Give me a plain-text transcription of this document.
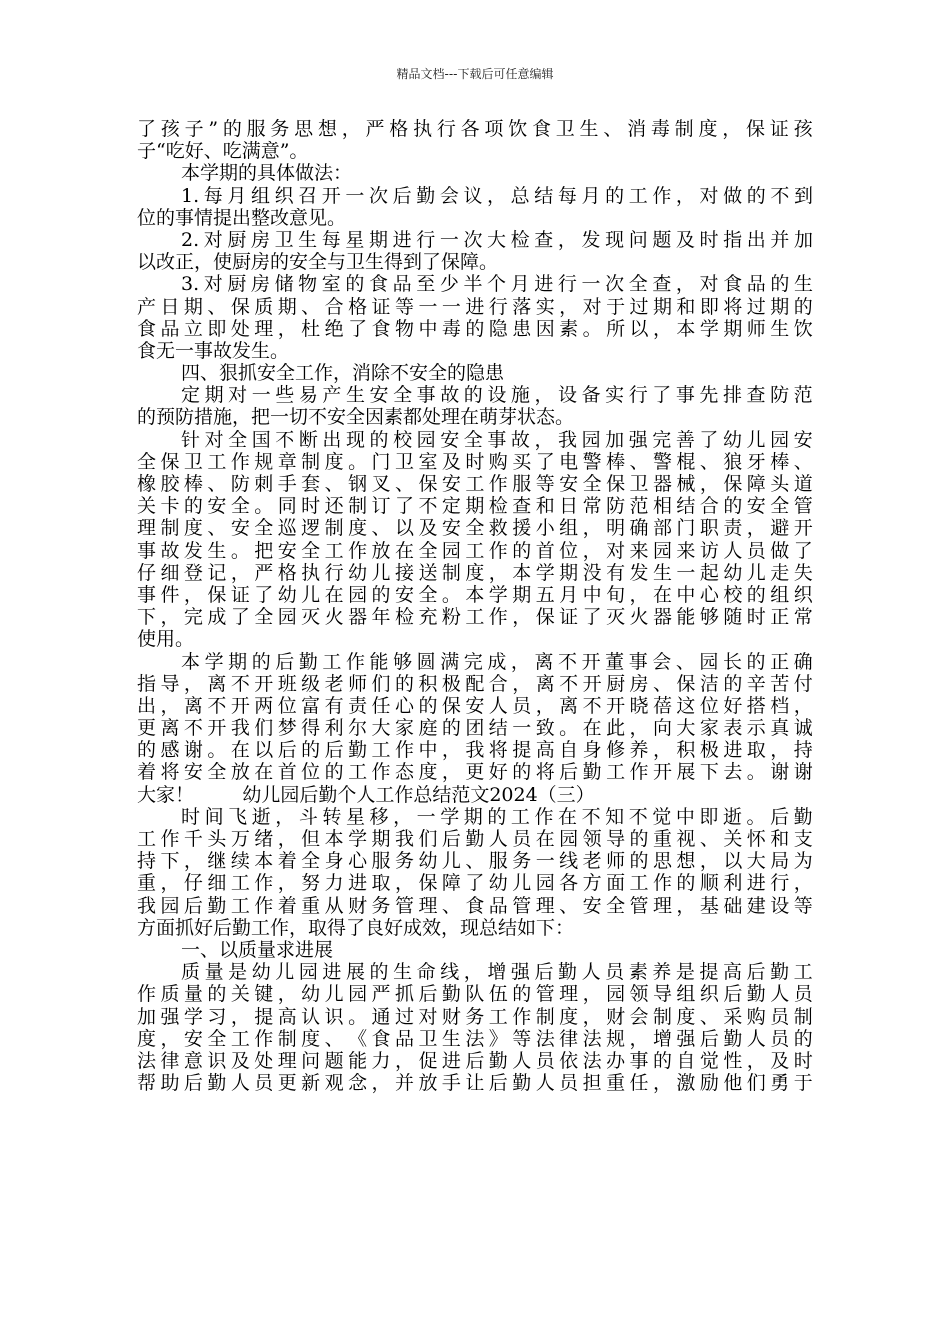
精品文档---下载后可任意编辑
了 孩 子 ” 的 服 务 思 想 ， 严 格 执 行 各 项 饮 食 卫 生 、 消 毒 制 度 ， 保 证 孩
子“吃好、吃满意”。
本学期的具体做法：
1. 每 月 组 织 召 开 一 次 后 勤 会 议 ， 总 结 每 月 的 工 作 ， 对 做 的 不 到
位的事情提出整改意见。
2. 对 厨 房 卫 生 每 星 期 进 行 一 次 大 检 查 ， 发 现 问 题 及 时 指 出 并 加
以改正，使厨房的安全与卫生得到了保障。
3. 对 厨 房 储 物 室 的 食 品 至 少 半 个 月 进 行 一 次 全 查 ， 对 食 品 的 生
产 日 期 、 保 质 期 、 合 格 证 等 一 一 进 行 落 实 ， 对 于 过 期 和 即 将 过 期 的
食 品 立 即 处 理 ， 杜 绝 了 食 物 中 毒 的 隐 患 因 素 。 所 以 ， 本 学 期 师 生 饮
食无一事故发生。
四、狠抓安全工作，消除不安全的隐患
定 期 对 一 些 易 产 生 安 全 事 故 的 设 施 ， 设 备 实 行 了 事 先 排 查 防 范
的预防措施，把一切不安全因素都处理在萌芽状态。
针 对 全 国 不 断 出 现 的 校 园 安 全 事 故 ， 我 园 加 强 完 善 了 幼 儿 园 安
全 保 卫 工 作 规 章 制 度 。 门 卫 室 及 时 购 买 了 电 警 棒 、 警 棍 、 狼 牙 棒 、
橡 胶 棒 、 防 刺 手 套 、 钢 叉 、 保 安 工 作 服 等 安 全 保 卫 器 械 ， 保 障 头 道
关 卡 的 安 全 。 同 时 还 制 订 了 不 定 期 检 查 和 日 常 防 范 相 结 合 的 安 全 管
理 制 度 、 安 全 巡 逻 制 度 、 以 及 安 全 救 援 小 组 ， 明 确 部 门 职 责 ， 避 开
事 故 发 生 。 把 安 全 工 作 放 在 全 园 工 作 的 首 位 ， 对 来 园 来 访 人 员 做 了
仔 细 登 记 ， 严 格 执 行 幼 儿 接 送 制 度 ， 本 学 期 没 有 发 生 一 起 幼 儿 走 失
事 件 ， 保 证 了 幼 儿 在 园 的 安 全 。 本 学 期 五 月 中 旬 ， 在 中 心 校 的 组 织
下 ， 完 成 了 全 园 灭 火 器 年 检 充 粉 工 作 ， 保 证 了 灭 火 器 能 够 随 时 正 常
使用。
本 学 期 的 后 勤 工 作 能 够 圆 满 完 成 ， 离 不 开 董 事 会 、 园 长 的 正 确
指 导 ， 离 不 开 班 级 老 师 们 的 积 极 配 合 ， 离 不 开 厨 房 、 保 洁 的 辛 苦 付
出 ， 离 不 开 两 位 富 有 责 任 心 的 保 安 人 员 ， 离 不 开 晓 蓓 这 位 好 搭 档 ，
更 离 不 开 我 们 梦 得 利 尔 大 家 庭 的 团 结 一 致 。 在 此 ， 向 大 家 表 示 真 诚
的 感 谢 。 在 以 后 的 后 勤 工 作 中 ， 我 将 提 高 自 身 修 养 ， 积 极 进 取 ， 持
着 将 安 全 放 在 首 位 的 工 作 态 度 ， 更 好 的 将 后 勤 工 作 开 展 下 去 。 谢 谢
大家！        幼儿园后勤个人工作总结范文2024（三）
时 间 飞 逝 ， 斗 转 星 移 ， 一 学 期 的 工 作 在 不 知 不 觉 中 即 逝 。 后 勤
工 作 千 头 万 绪 ， 但 本 学 期 我 们 后 勤 人 员 在 园 领 导 的 重 视 、 关 怀 和 支
持 下 ， 继 续 本 着 全 身 心 服 务 幼 儿 、 服 务 一 线 老 师 的 思 想 ， 以 大 局 为
重 ， 仔 细 工 作 ， 努 力 进 取 ， 保 障 了 幼 儿 园 各 方 面 工 作 的 顺 利 进 行 ，
我 园 后 勤 工 作 着 重 从 财 务 管 理 、 食 品 管 理 、 安 全 管 理 ， 基 础 建 设 等
方面抓好后勤工作，取得了良好成效，现总结如下：
一、以质量求进展
质 量 是 幼 儿 园 进 展 的 生 命 线 ， 增 强 后 勤 人 员 素 养 是 提 高 后 勤 工
作 质 量 的 关 键 ， 幼 儿 园 严 抓 后 勤 队 伍 的 管 理 ， 园 领 导 组 织 后 勤 人 员
加 强 学 习 ， 提 高 认 识 。 通 过 对 财 务 工 作 制 度 ， 财 会 制 度 、 采 购 员 制
度 ， 安 全 工 作 制 度 、 《 食 品 卫 生 法 》 等 法 律 法 规 ， 增 强 后 勤 人 员 的
法 律 意 识 及 处 理 问 题 能 力 ， 促 进 后 勤 人 员 依 法 办 事 的 自 觉 性 ， 及 时
帮 助 后 勤 人 员 更 新 观 念 ， 并 放 手 让 后 勤 人 员 担 重 任 ， 激 励 他 们 勇 于
